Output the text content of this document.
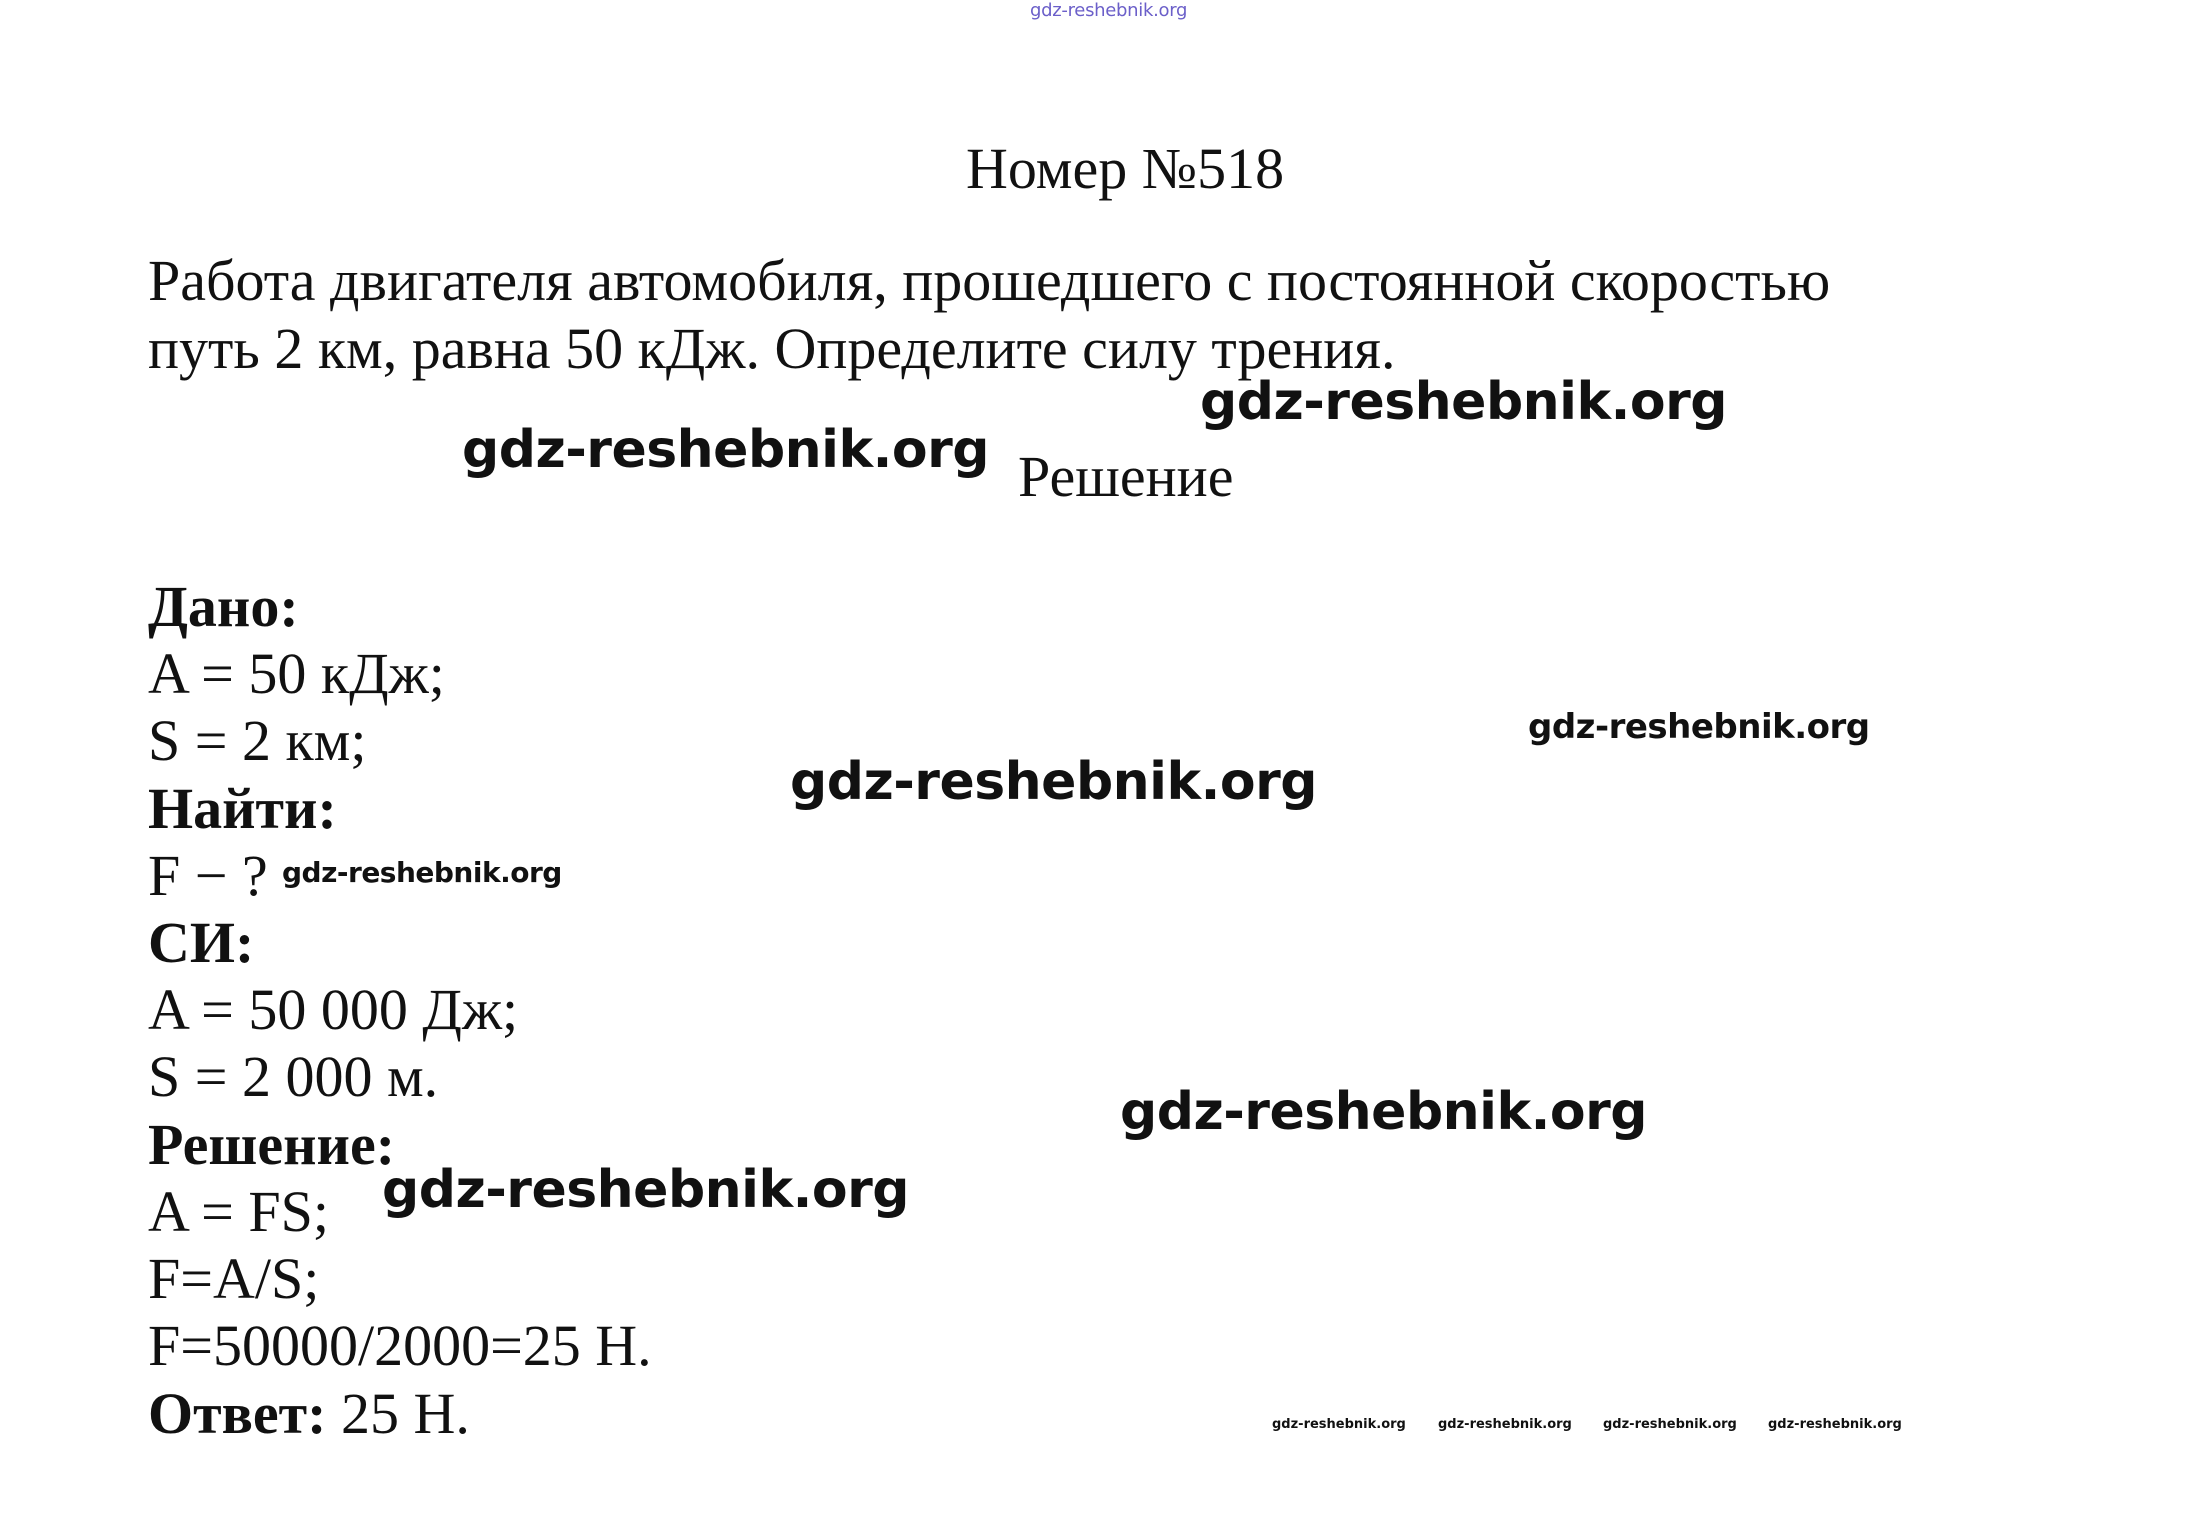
gdz-reshebnik.org
Номер №518
Работа двигателя автомобиля, прошедшего с постоянной скоростью
путь 2 км, равна 50 кДж. Определите силу трения.
gdz-reshebnik.org
gdz-reshebnik.org Решение
Дано:
A = 50 кДж;
S = 2 км;
Найти:
F − ?
СИ:
A = 50 000 Дж;
S = 2 000 м.
Решение:
A = FS;
F=A/S;
F=50000/2000=25 Н.
Ответ: 25 Н.
gdz-reshebnik.org
gdz-reshebnik.org
gdz-reshebnik.org
gdz-reshebnik.org
gdz-reshebnik.org
gdz-reshebnik.org gdz-reshebnik.org gdz-reshebnik.org gdz-reshebnik.org
